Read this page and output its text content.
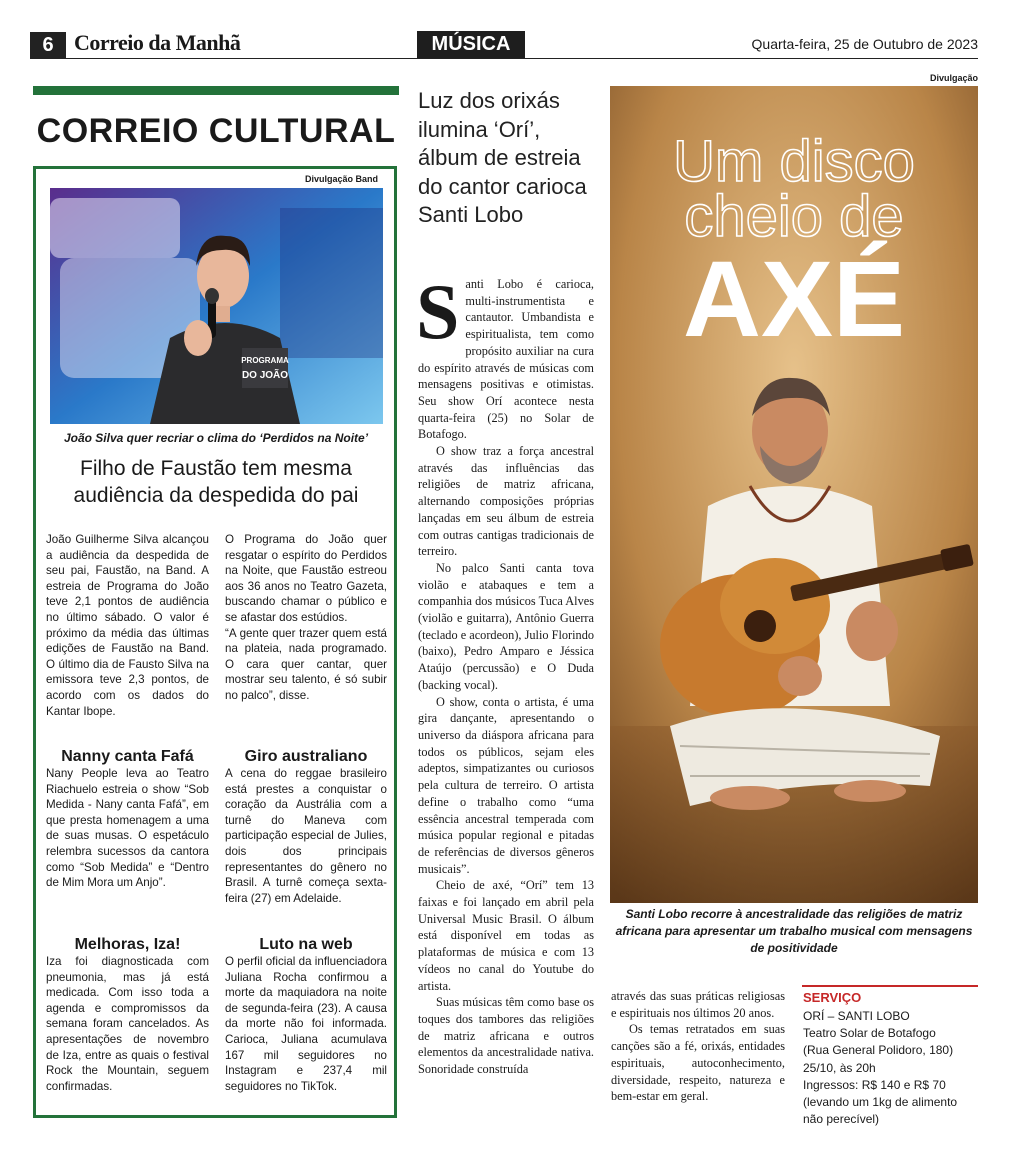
6 Correio da Manhã	MÚSICA	Quarta-feira, 25 de Outubro de 2023
CORREIO CULTURAL
Divulgação Band
PROGRAMA
DO JOÃO
João Silva quer recriar o clima do ‘Perdidos na Noite’
Filho de Faustão tem mesma audiência da despedida do pai
João Guilherme Silva alcançou a audiência da despedida de seu pai, Faustão, na Band. A estreia de Programa do João teve 2,1 pontos de audiência no último sábado. O valor é próximo da média das últimas edições de Faustão na Band. O último dia de Fausto Silva na emissora teve 2,3 pontos, de acordo com os dados do Kantar Ibope.
O Programa do João quer resgatar o espírito do Perdidos na Noite, que Faustão estreou aos 36 anos no Teatro Gazeta, buscando chamar o público e se afastar dos estúdios.
“A gente quer trazer quem está na plateia, nada programado. O cara quer cantar, quer mostrar seu talento, é só subir no palco”, disse.
Nanny canta Fafá
Nany People leva ao Teatro Riachuelo estreia o show “Sob Medida - Nany canta Fafá”, em que presta homenagem a uma de suas musas. O espetáculo relembra sucessos da cantora como “Sob Medida” e “Dentro de Mim Mora um Anjo”.
Giro australiano
A cena do reggae brasileiro está prestes a conquistar o coração da Austrália com a turnê do Maneva com participação especial de Julies, dois dos principais representantes do gênero no Brasil. A turnê começa sexta-feira (27) em Adelaide.
Melhoras, Iza!
Iza foi diagnosticada com pneumonia, mas já está medicada. Com isso toda a agenda e compromissos da semana foram cancelados. As apresentações de novembro de Iza, entre as quais o festival Rock the Mountain, seguem confirmadas.
Luto na web
O perfil oficial da influenciadora Juliana Rocha confirmou a morte da maquiadora na noite de segunda-feira (23). A causa da morte não foi informada. Carioca, Juliana acumulava 167 mil seguidores no Instagram e 237,4 mil seguidores no TikTok.
Luz dos orixás ilumina ‘Orí’, álbum de estreia do cantor carioca Santi Lobo

Santi Lobo é carioca, multi-instrumentista e cantautor. Umbandista e espiritualista, tem como propósito auxiliar na cura do espírito através de músicas com mensagens positivas e otimistas. Seu show Orí acontece nesta quarta-feira (25) no Solar de Botafogo.

O show traz a força ancestral através das influências das religiões de matriz africana, alternando composições próprias lançadas em seu álbum de estreia com outras cantigas tradicionais de terreiro.

No palco Santi canta tova violão e atabaques e tem a companhia dos músicos Tuca Alves (violão e guitarra), Antônio Guerra (teclado e acordeon), Julio Florindo (baixo), Pedro Amparo e Jéssica Ataújo (percussão) e O Duda (backing vocal).

O show, conta o artista, é uma gira dançante, apresentando o universo da diáspora africana para todos os públicos, sejam eles adeptos, simpatizantes ou curiosos pela cultura de terreiro. O artista define o trabalho como “uma essência ancestral temperada com música popular regional e pitadas de referências de diversos gêneros musicais”.

Cheio de axé, “Orí” tem 13 faixas e foi lançado em abril pela Universal Music Brasil. O álbum está disponível em todas as plataformas de música e com 13 vídeos no canal do Youtube do artista.

Suas músicas têm como base os toques dos tambores das religiões de matriz africana e outros elementos da ancestralidade nativa. Sonoridade construída

através das suas práticas religiosas e espirituais nos últimos 20 anos.

Os temas retratados em suas canções são a fé, orixás, entidades espirituais, autoconhecimento, diversidade, respeito, natureza e bem-estar em geral.

Divulgação
Um disco
cheio de
AXÉ
Santi Lobo recorre à ancestralidade das religiões de matriz africana para apresentar um trabalho musical com mensagens de positividade
SERVIÇO
ORÍ – SANTI LOBO
Teatro Solar de Botafogo
(Rua General Polidoro, 180)
25/10, às 20h
Ingressos: R$ 140 e R$ 70
(levando um 1kg de alimento
não perecível)
